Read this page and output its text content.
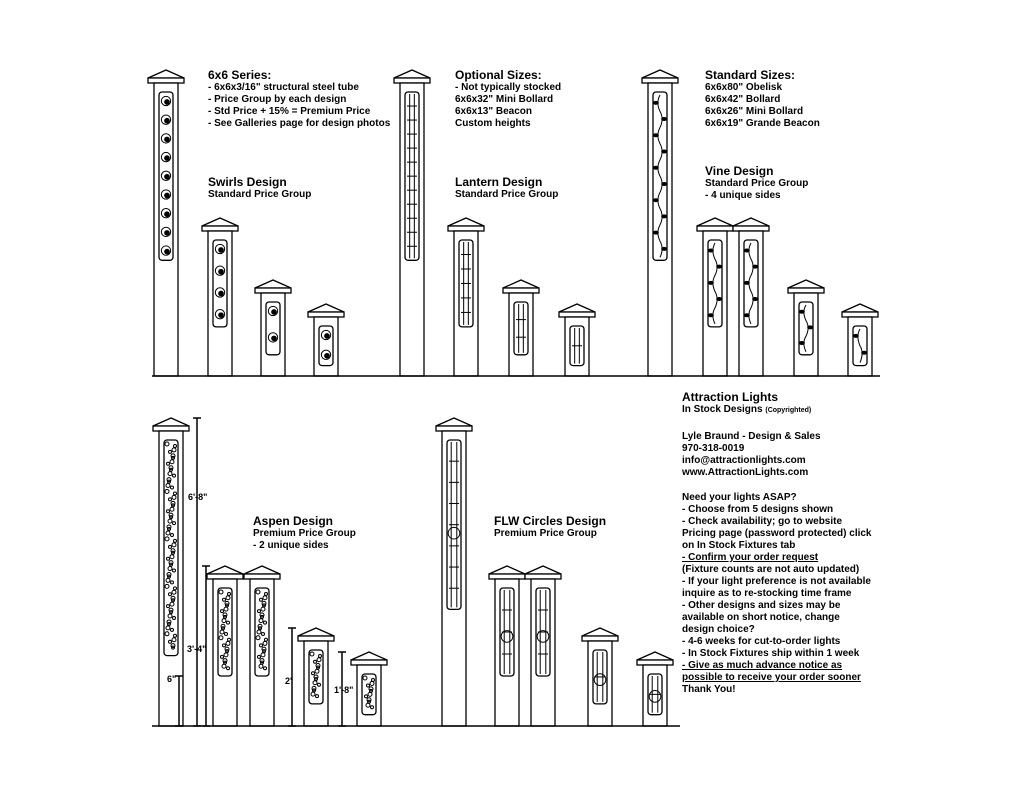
6x6 Series:
- 6x6x3/16" structural steel tube
- Price Group by each design
- Std Price + 15% = Premium Price
- See Galleries page for design photos
Optional Sizes:
- Not typically stocked
6x6x32" Mini Bollard
6x6x13" Beacon
Custom heights
Standard Sizes:
6x6x80" Obelisk
6x6x42" Bollard
6x6x26" Mini Bollard
6x6x19" Grande Beacon
Swirls Design
Standard Price Group
Lantern Design
Standard Price Group
Vine Design
Standard Price Group
- 4 unique sides
Aspen Design
Premium Price Group
- 2 unique sides
FLW Circles Design
Premium Price Group
6'-8"
3'-4"
2'
1'-8"
6"
Attraction Lights
In Stock Designs (Copyrighted)
Lyle Braund - Design & Sales
970-318-0019
info@attractionlights.com
www.AttractionLights.com
Need your lights ASAP?
- Choose from 5 designs shown
- Check availability; go to website
Pricing page (password protected) click
on In Stock Fixtures tab
- Confirm your order request
(Fixture counts are not auto updated)
- If your light preference is not available
inquire as to re-stocking time frame
- Other designs and sizes may be
available on short notice, change
design choice?
- 4-6 weeks for cut-to-order lights
- In Stock Fixtures ship within 1 week
- Give as much advance notice as
possible to receive your order sooner
Thank You!
